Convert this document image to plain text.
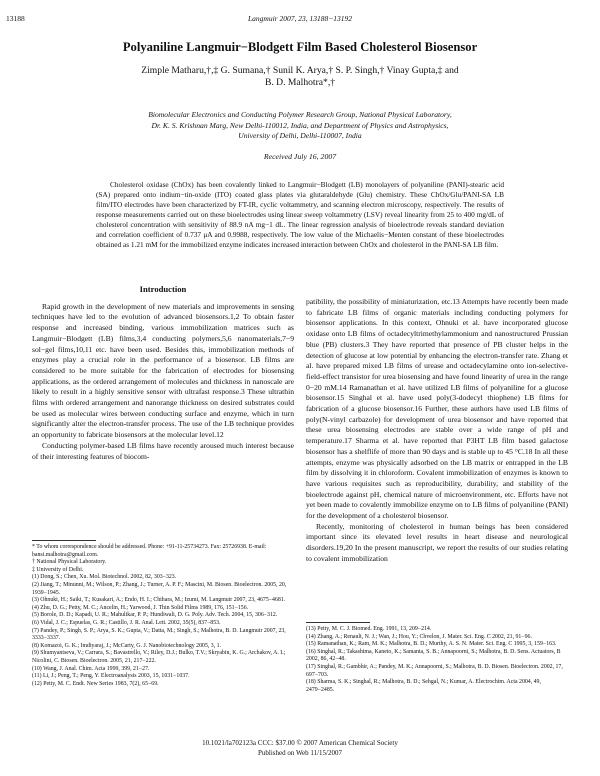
13188	Langmuir 2007, 23, 13188−13192
Polyaniline Langmuir−Blodgett Film Based Cholesterol Biosensor
Zimple Matharu,†,‡ G. Sumana,† Sunil K. Arya,† S. P. Singh,† Vinay Gupta,‡ and
B. D. Malhotra*,†
Biomolecular Electronics and Conducting Polymer Research Group, National Physical Laboratory,
Dr. K. S. Krishnan Marg, New Delhi-110012, India, and Department of Physics and Astrophysics,
University of Delhi, Delhi-110007, India
Received July 16, 2007

Cholesterol oxidase (ChOx) has been covalently linked to Langmuir−Blodgett (LB) monolayers of polyaniline (PANI)-stearic acid (SA) prepared onto indium−tin-oxide (ITO) coated glass plates via glutaraldehyde (Glu) chemistry. These ChOx/Glu/PANI-SA LB film/ITO electrodes have been characterized by FT-IR, cyclic voltammetry, and scanning electron microscopy, respectively. The results of response measurements carried out on these bioelectrodes using linear sweep voltammetry (LSV) reveal linearity from 25 to 400 mg/dL of cholesterol concentration with sensitivity of 88.9 nA mg−1 dL. The linear regression analysis of bioelectrode reveals standard deviation and correlation coefficient of 0.737 μA and 0.9988, respectively. The low value of the Michaelis−Menten constant of these bioelectrodes obtained as 1.21 mM for the immobilized enzyme indicates increased interaction between ChOx and cholesterol in the PANI-SA LB film.

Introduction

Rapid growth in the development of new materials and improvements in sensing techniques have led to the evolution of advanced biosensors.1,2 To obtain faster response and increased binding, various immobilization matrices such as Langmuir−Blodgett (LB) films,3,4 conducting polymers,5,6 nanomaterials,7−9 sol−gel films,10,11 etc. have been used. Besides this, immobilization methods of enzymes play a crucial role in the performance of a biosensor. LB films are considered to be more suitable for the fabrication of electrodes for biosensing applications, as the ordered arrangement of molecules and thickness in nanoscale are likely to result in a highly sensitive sensor with ultrafast response.3 These ultrathin films with ordered arrangement and nanorange thickness on desired substrates could be used as molecular wires between conducting surface and enzyme, which in turn significantly alter the electron-transfer process. The use of the LB technique provides an opportunity to fabricate biosensors at the molecular level.12

Conducting polymer-based LB films have recently aroused much interest because of their interesting features of biocom-

patibility, the possibility of miniaturization, etc.13 Attempts have recently been made to fabricate LB films of organic materials including conducting polymers for biosensor applications. In this context, Ohnuki et al. have incorporated glucose oxidase onto LB films of octadecyltrimethylammonium and nanostructured Prussian blue (PB) clusters.3 They have reported that presence of PB cluster helps in the detection of glucose at low potential by enhancing the electron-transfer rate. Zhang et al. have prepared mixed LB films of urease and octadecylamine onto ion-selective-field-effect transistor for urea biosensing and have found linearity of urea in the range 0−20 mM.14 Ramanathan et al. have utilized LB films of polyaniline for a glucose biosensor.15 Singhal et al. have used poly(3-dodecyl thiophene) LB films for fabrication of a glucose biosensor.16 Further, these authors have used LB films of poly(N-vinyl carbazole) for development of urea biosensor and have reported that these urea biosensing electrodes are stable over a wide range of pH and temperature.17 Sharma et al. have reported that P3HT LB film based galactose biosensor has a shelflife of more than 90 days and is stable up to 45 °C.18 In all these attempts, enzyme was physically adsorbed on the LB matrix or entrapped in the LB film by dissolving it in chloroform. Covalent immobilization of enzymes is known to have various requisites such as reproducibility, durability, and stability of the bioelectrode against pH, chemical nature of microenvironment, etc. Efforts have not yet been made to covalently immobilize enzyme on to LB films of polyaniline (PANI) for the development of a cholesterol biosensor.

Recently, monitoring of cholesterol in human beings has been considered important since its elevated level results in heart disease and neurological disorders.19,20 In the present manuscript, we report the results of our studies relating to covalent immobilization

* To whom correspondence should be addressed. Phone: +91-11-25734273. Fax: 25726938. E-mail: bansi.malhotra@gmail.com.
† National Physical Laboratory.
‡ University of Delhi.
(1) Dong, S.; Chen, Xu. Mol. Biotechnol. 2002, 82, 303−323.
(2) Jiang, T.; Minunni, M.; Wilson, P.; Zhang, J.; Turner, A. P. F.; Mascini, M. Biosen. Bioelectron. 2005, 20, 1939−1945.
(3) Ohnuki, H.; Saiki, T.; Kusakari, A.; Endo, H. I.; Chihara, M.; Izumi, M. Langmuir 2007, 23, 4675−4681.
(4) Zhu, D. G.; Petty, M. C.; Ancelin, H.; Yarwood, J. Thin Solid Films 1989, 176, 151−156.
(5) Borole, D. D.; Kapadi, U. R.; Mahulikar, P. P.; Hundiwali, D. G. Poly. Adv. Tech. 2004, 15, 306−312.
(6) Vidal, J. C.; Espuelas, G. R.; Castillo, J. R. Anal. Lett. 2002, 35(5), 837−853.
(7) Pandey, P.; Singh, S. P.; Arya, S. K.; Gupta, V.; Datta, M.; Singh, S.; Malhotra, B. D. Langmuir 2007, 23, 3333−3337.
(8) Komazoi, G. K.; Imdiyaraj, J.; McCarty, G. J. Nanobiotechnology 2005, 3, 1.
(9) Shumyantseva, V.; Carrara, S.; Bavastrello, V.; Riley, D.J.; Bulko, T.V.; Skryabin, K. G.; Archakov, A. I.; Nicolini, C. Biosen. Bioelectron. 2005, 21, 217−222.
(10) Wang, J. Anal. Chim. Acta 1999, 399, 21−27.
(11) Li, J.; Peng, T.; Peng, Y. Electroanalysis 2003, 15, 1031−1037.
(12) Petty, M. C. Endt. New Series 1983, 7(2), 65−69.
(13) Petty, M. C. J. Biomed. Eng. 1991, 13, 209−214.
(14) Zhang, A.; Renault, N. J.; Wan, J.; Hou, Y.; Chvelon, J. Mater. Sci. Eng. C 2002, 21, 91−96.
(15) Ramanathan, K.; Ram, M. K.; Malhotra, B. D.; Murthy, A. S. N. Mater. Sci. Eng. C 1995, 3, 159−163.
(16) Singhal, R.; Takashima, Kaneto, K.; Samanta, S. B.; Annapoorni, S.; Malhotra, B. D. Sens. Actuators, B 2002, 86, 42−48.
(17) Singhal, R.; Gambhir, A.; Pandey, M. K.; Annapoorni, S.; Malhotra, B. D. Biosen. Bioelectron. 2002, 17, 697−703.
(18) Sharma, S. K.; Singhal, R.; Malhotra, B. D.; Sehgal, N.; Kumar, A. Electrochim. Acta 2004, 49, 2479−2485.
10.1021/la702123a CCC: $37.00 © 2007 American Chemical Society
Published on Web 11/15/2007
